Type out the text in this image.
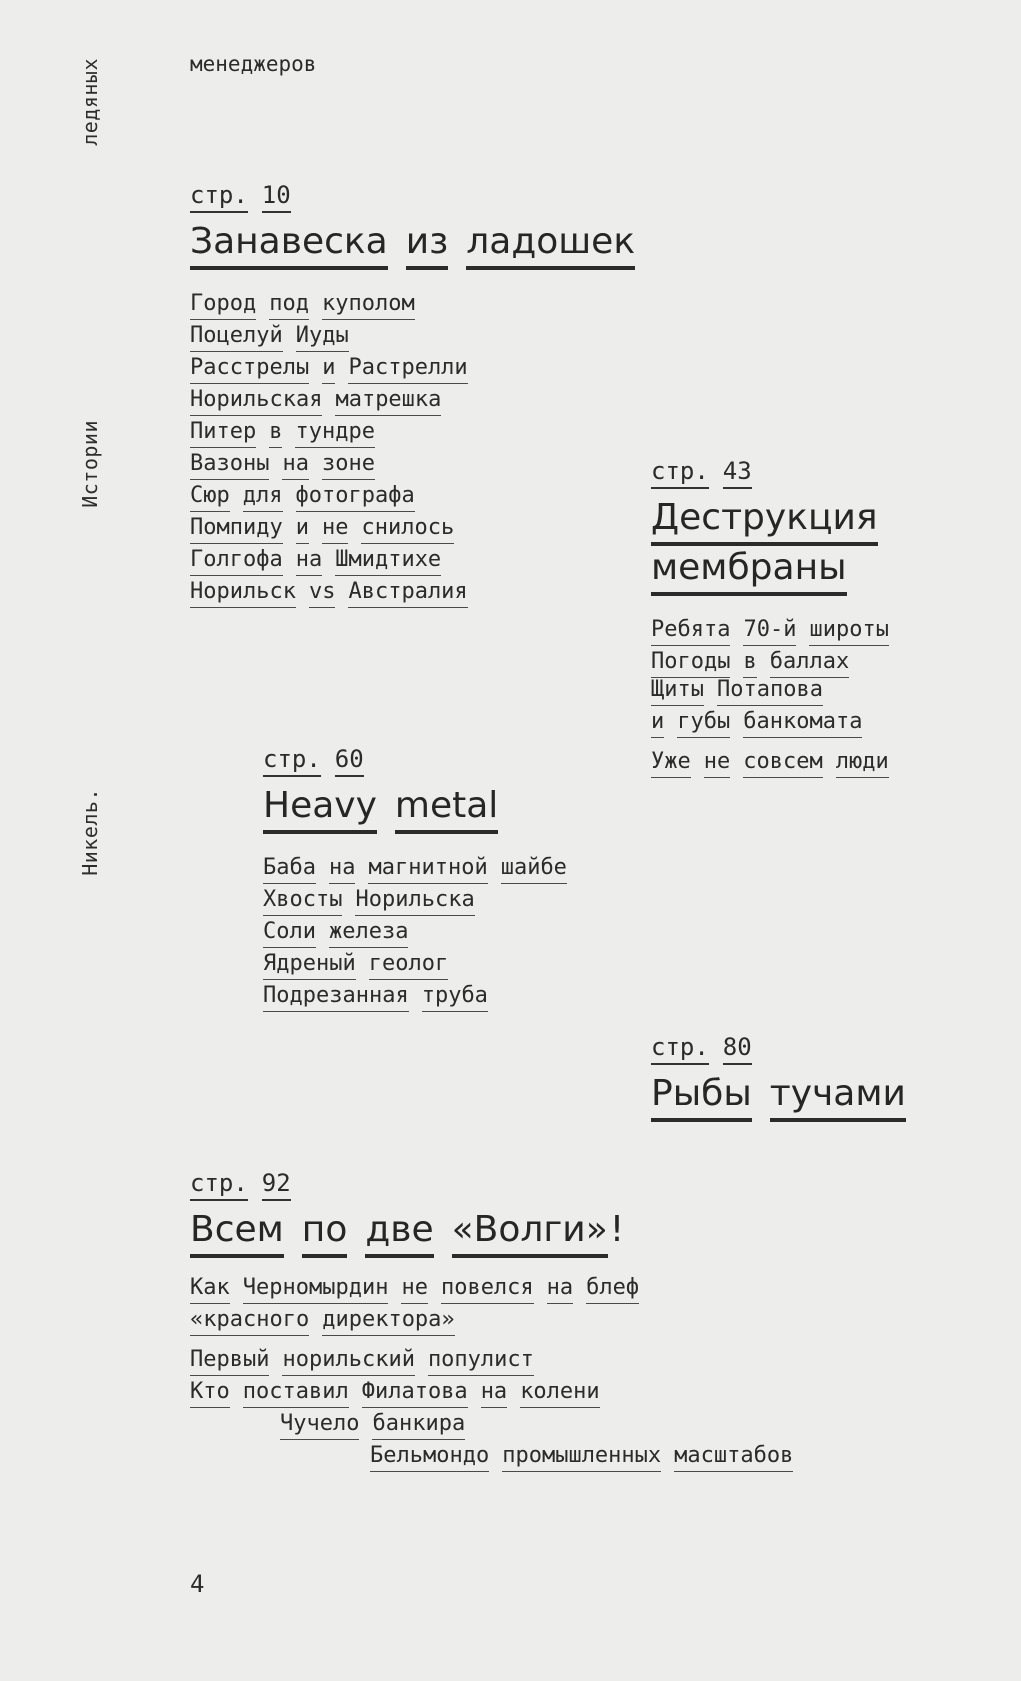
ледяных
Истории
Никель.
менеджеров
стр. 10
Занавеска из ладошек
Город под куполом
Поцелуй Иуды
Расстрелы и Растрелли
Норильская матрешка
Питер в тундре
Вазоны на зоне
Сюр для фотографа
Помпиду и не снилось
Голгофа на Шмидтихе
Норильск vs Австралия
стр. 43
Деструкция
мембраны
Ребята 70-й широты
Погоды в баллах
Щиты Потапова
и губы банкомата
Уже не совсем люди
стр. 60
Heavy metal
Баба на магнитной шайбе
Хвосты Норильска
Соли железа
Ядреный геолог
Подрезанная труба
стр. 80
Рыбы тучами
стр. 92
Всем по две «Волги»!
Как Черномырдин не повелся на блеф
«красного директора»
Первый норильский популист
Кто поставил Филатова на колени
Чучело банкира
Бельмондо промышленных масштабов
4
